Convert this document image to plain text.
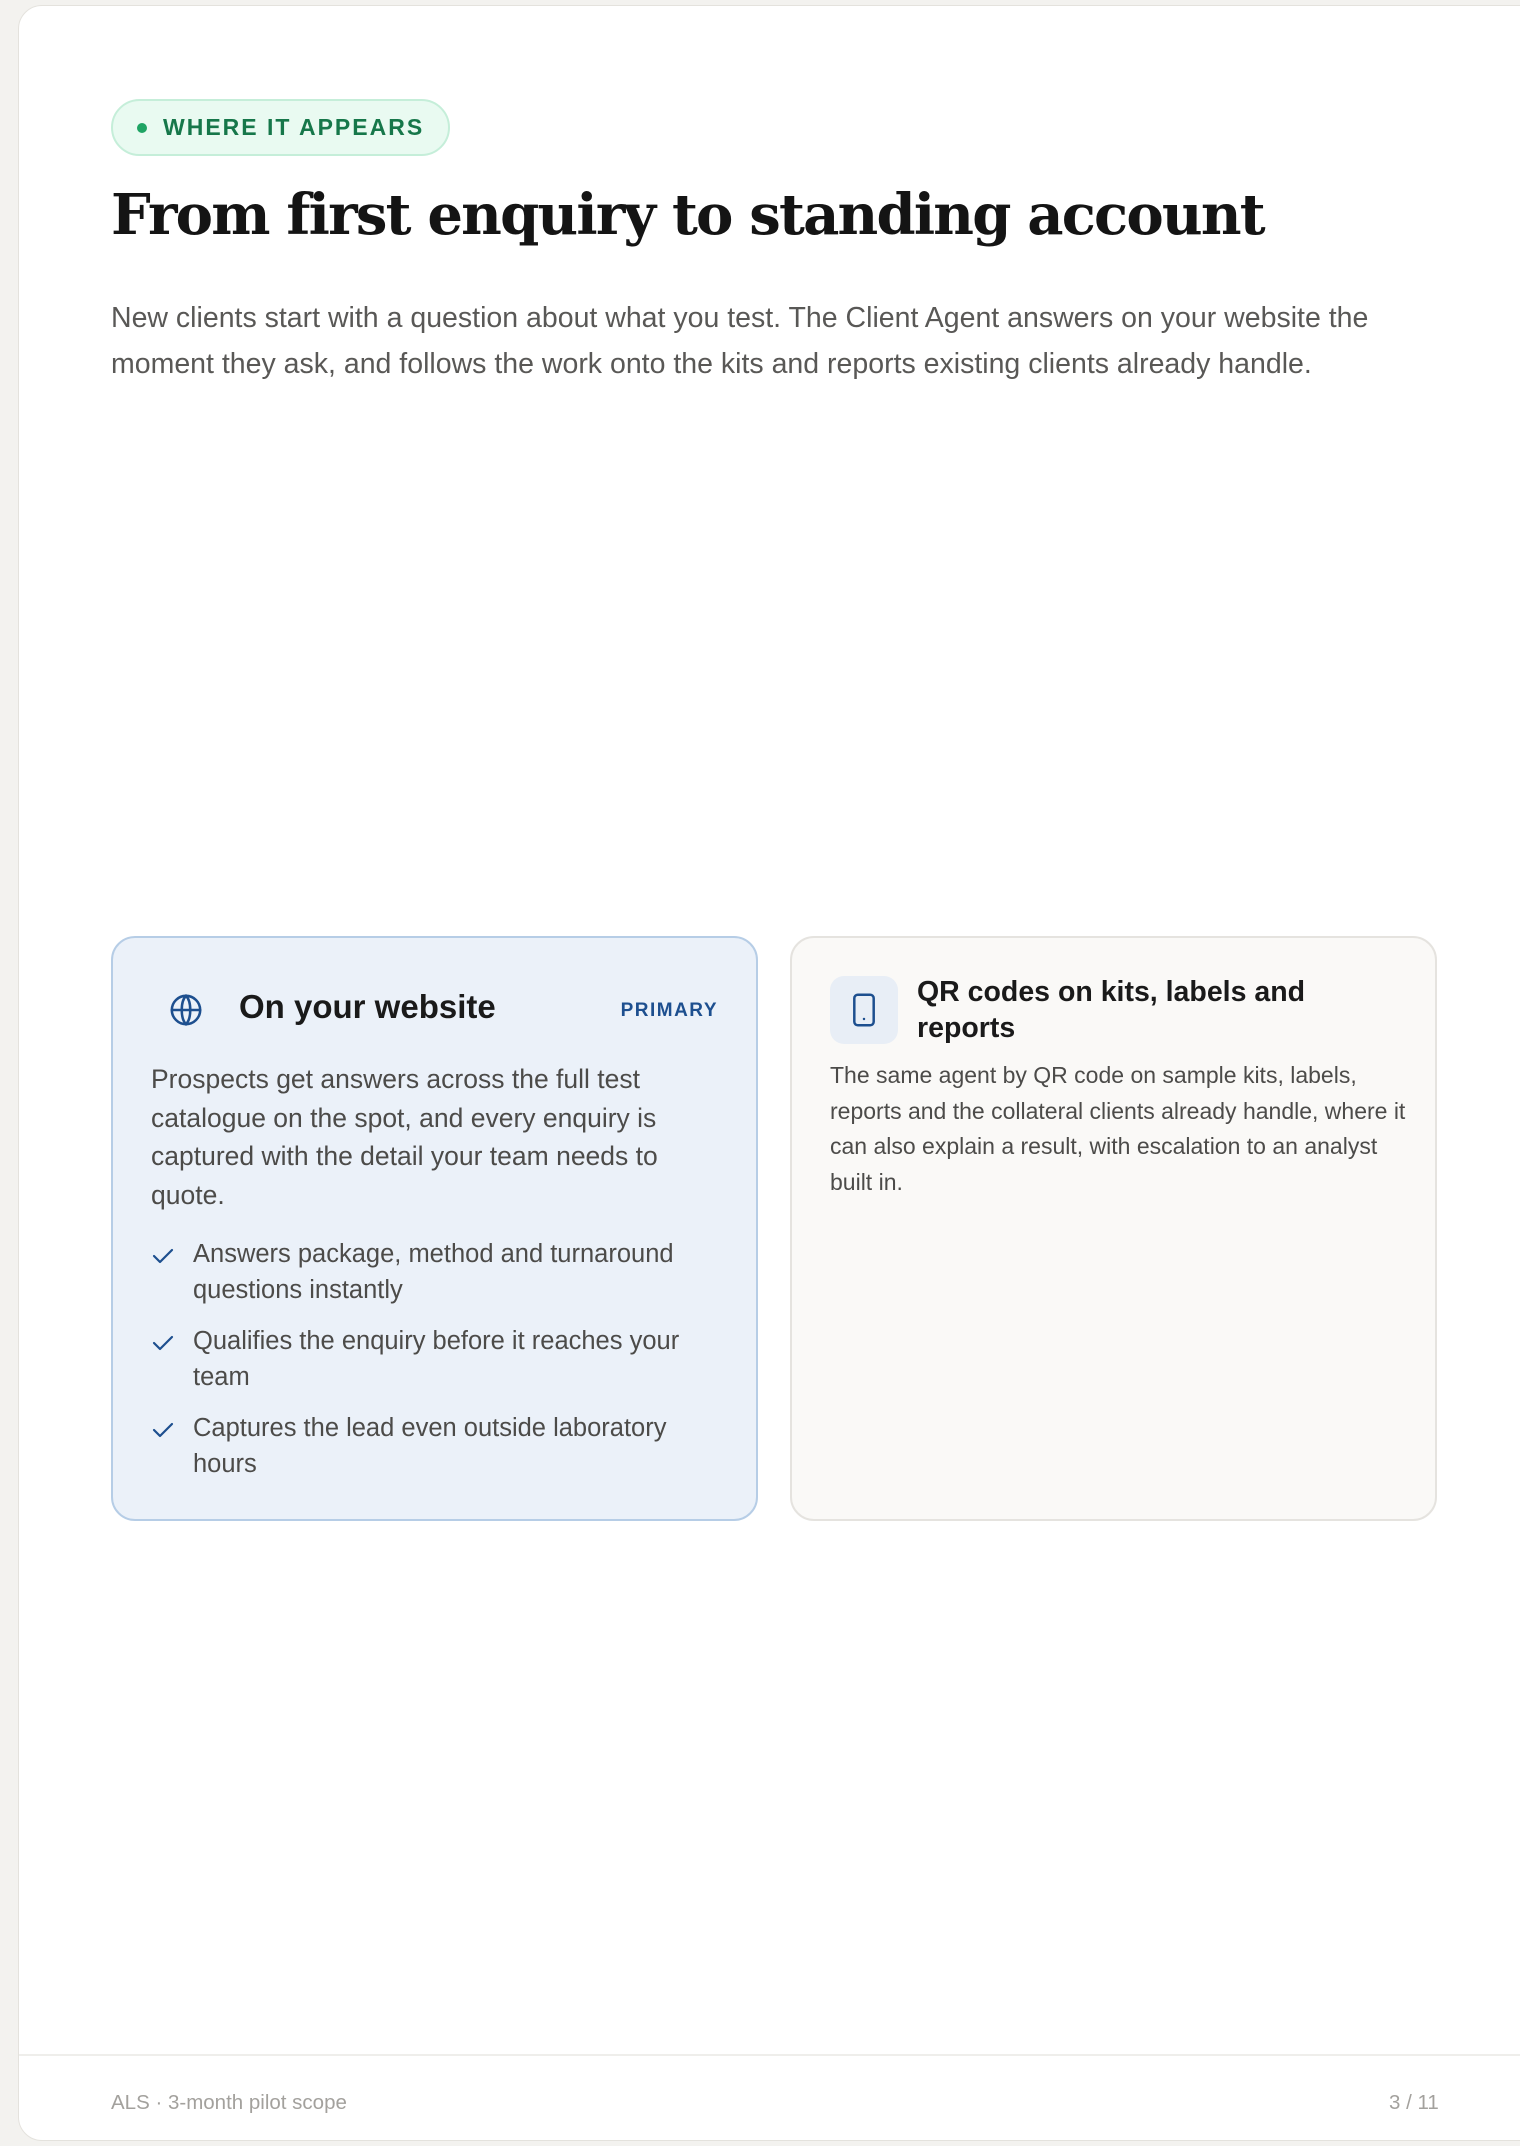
WHERE IT APPEARS
From first enquiry to standing account

New clients start with a question about what you test. The Client Agent answers on your website the moment they ask, and follows the work onto the kits and reports existing clients already handle.

On your website	PRIMARY

Prospects get answers across the full test catalogue on the spot, and every enquiry is captured with the detail your team needs to quote.

Answers package, method and turnaround questions instantly
Qualifies the enquiry before it reaches your team
Captures the lead even outside laboratory hours
QR codes on kits, labels and reports

The same agent by QR code on sample kits, labels, reports and the collateral clients already handle, where it can also explain a result, with escalation to an analyst built in.

ALS · 3-month pilot scope	3 / 11
